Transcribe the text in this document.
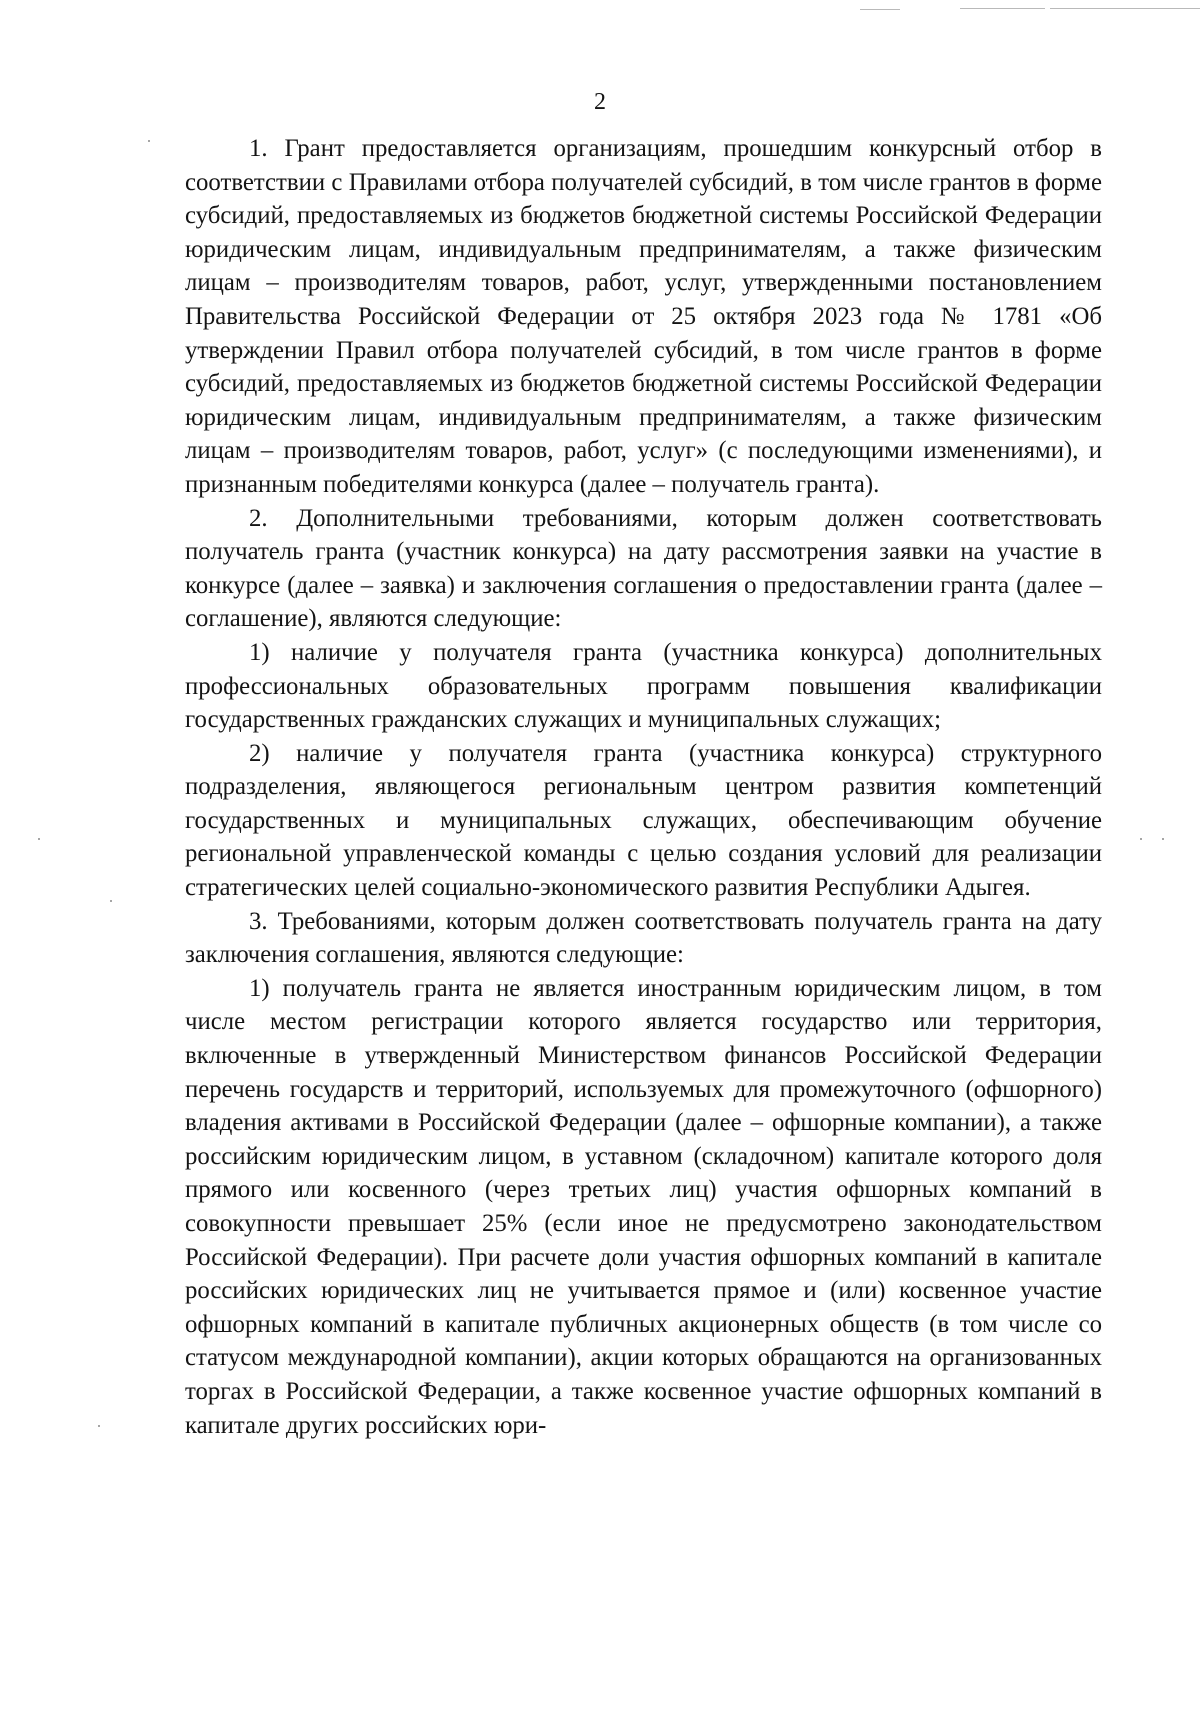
2

1. Грант предоставляется организациям, прошедшим конкурсный отбор в соответствии с Правилами отбора получателей субсидий, в том числе грантов в форме субсидий, предоставляемых из бюджетов бюджетной системы Российской Федерации юридическим лицам, индивидуальным предпринимателям, а также физическим лицам – производителям товаров, работ, услуг, утвержденными постановлением Правительства Российской Федерации от 25 октября 2023 года № 1781 «Об утверждении Правил отбора получателей субсидий, в том числе грантов в форме субсидий, предоставляемых из бюджетов бюджетной системы Российской Федерации юридическим лицам, индивидуальным предпринимателям, а также физическим лицам – производителям товаров, работ, услуг» (с последующими изменениями), и признанным победителями конкурса (далее – получатель гранта).

2. Дополнительными требованиями, которым должен соответствовать получатель гранта (участник конкурса) на дату рассмотрения заявки на участие в конкурсе (далее – заявка) и заключения соглашения о предоставлении гранта (далее – соглашение), являются следующие:

1) наличие у получателя гранта (участника конкурса) дополнительных профессиональных образовательных программ повышения квалификации государственных гражданских служащих и муниципальных служащих;

2) наличие у получателя гранта (участника конкурса) структурного подразделения, являющегося региональным центром развития компетенций государственных и муниципальных служащих, обеспечивающим обучение региональной управленческой команды с целью создания условий для реализации стратегических целей социально-экономического развития Республики Адыгея.

3. Требованиями, которым должен соответствовать получатель гранта на дату заключения соглашения, являются следующие:

1) получатель гранта не является иностранным юридическим лицом, в том числе местом регистрации которого является государство или территория, включенные в утвержденный Министерством финансов Российской Федерации перечень государств и территорий, используемых для промежуточного (офшорного) владения активами в Российской Федерации (далее – офшорные компании), а также российским юридическим лицом, в уставном (складочном) капитале которого доля прямого или косвенного (через третьих лиц) участия офшорных компаний в совокупности превышает 25% (если иное не предусмотрено законодательством Российской Федерации). При расчете доли участия офшорных компаний в капитале российских юридических лиц не учитывается прямое и (или) косвенное участие офшорных компаний в капитале публичных акционерных обществ (в том числе со статусом международной компании), акции которых обращаются на организованных торгах в Российской Федерации, а также косвенное участие офшорных компаний в капитале других российских юри-
